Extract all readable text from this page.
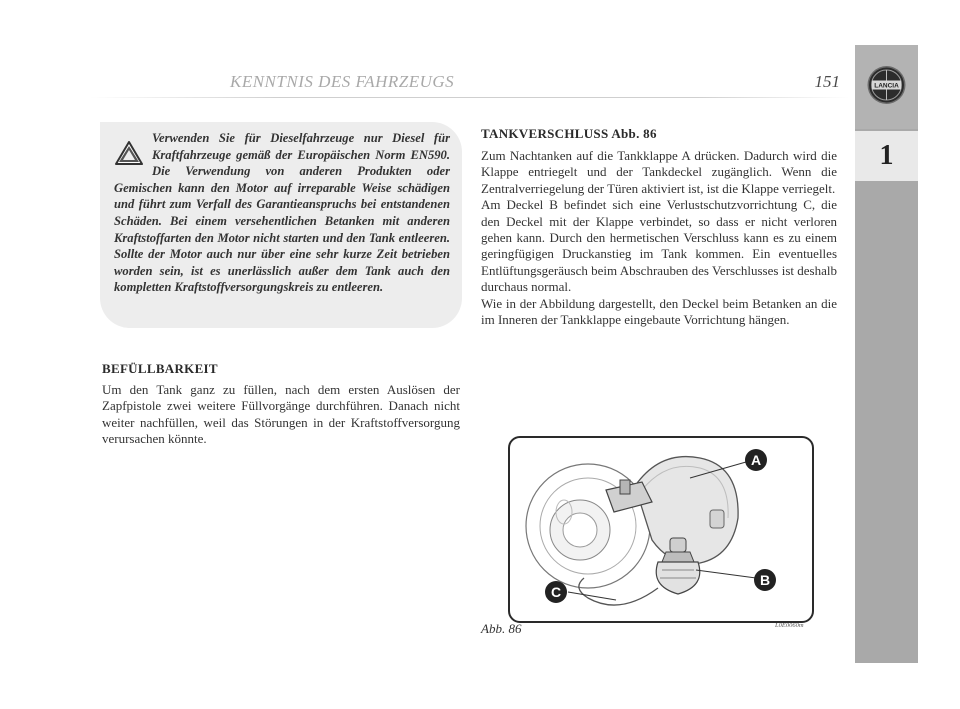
KENNTNIS DES FAHRZEUGS	151	LANCIA
1
Verwenden Sie für Dieselfahrzeuge nur Diesel für Kraftfahrzeuge gemäß der Europäischen Norm EN590. Die Verwendung von anderen Produkten oder Gemischen kann den Motor auf irreparable Weise schädigen und führt zum Verfall des Garantieanspruchs bei entstandenen Schäden. Bei einem versehentlichen Betanken mit anderen Kraftstoffarten den Motor nicht starten und den Tank entleeren. Sollte der Motor auch nur über eine sehr kurze Zeit betrieben worden sein, ist es unerlässlich außer dem Tank auch den kompletten Kraftstoffversorgungskreis zu entleeren.
BEFÜLLBARKEIT
Um den Tank ganz zu füllen, nach dem ersten Auslösen der Zapfpistole zwei weitere Füllvorgänge durchführen. Danach nicht weiter nachfüllen, weil das Störungen in der Kraftstoffversorgung verursachen könnte.
TANKVERSCHLUSS Abb. 86
Zum Nachtanken auf die Tankklappe A drücken. Dadurch wird die Klappe entriegelt und der Tankdeckel zugänglich. Wenn die Zentralverriegelung der Türen aktiviert ist, ist die Klappe verriegelt.
Am Deckel B befindet sich eine Verlustschutzvorrichtung C, die den Deckel mit der Klappe verbindet, so dass er nicht verloren gehen kann. Durch den hermetischen Verschluss kann es zu einem geringfügigen Druckanstieg im Tank kommen. Ein eventuelles Entlüftungsgeräusch beim Abschrauben des Verschlusses ist deshalb durchaus normal.
Wie in der Abbildung dargestellt, den Deckel beim Betanken an die im Inneren der Tankklappe eingebaute Vorrichtung hängen.
A
B
C
Abb. 86	L0E0060m
